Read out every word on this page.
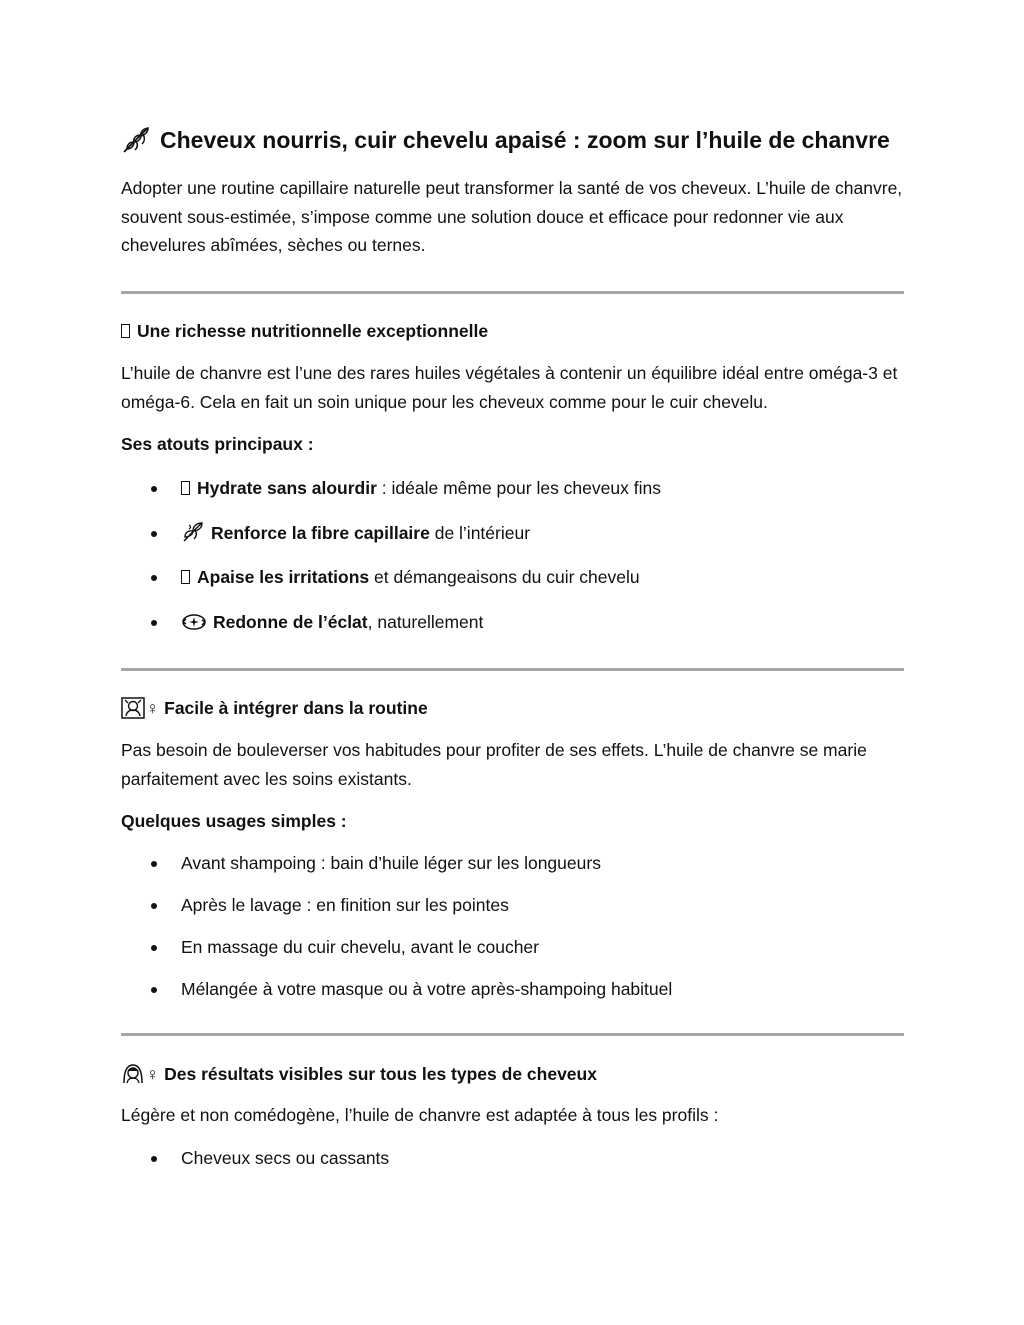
Cheveux nourris, cuir chevelu apaisé : zoom sur l’huile de chanvre

Adopter une routine capillaire naturelle peut transformer la santé de vos cheveux. L’huile de chanvre, souvent sous-estimée, s’impose comme une solution douce et efficace pour redonner vie aux chevelures abîmées, sèches ou ternes.

Une richesse nutritionnelle exceptionnelle

L’huile de chanvre est l’une des rares huiles végétales à contenir un équilibre idéal entre oméga-3 et oméga-6. Cela en fait un soin unique pour les cheveux comme pour le cuir chevelu.

Ses atouts principaux :

Hydrate sans alourdir : idéale même pour les cheveux fins
Renforce la fibre capillaire de l’intérieur
Apaise les irritations et démangeaisons du cuir chevelu
Redonne de l’éclat, naturellement
♀ Facile à intégrer dans la routine

Pas besoin de bouleverser vos habitudes pour profiter de ses effets. L’huile de chanvre se marie parfaitement avec les soins existants.

Quelques usages simples :

Avant shampoing : bain d’huile léger sur les longueurs
Après le lavage : en finition sur les pointes
En massage du cuir chevelu, avant le coucher
Mélangée à votre masque ou à votre après-shampoing habituel
♀ Des résultats visibles sur tous les types de cheveux

Légère et non comédogène, l’huile de chanvre est adaptée à tous les profils :

Cheveux secs ou cassants
